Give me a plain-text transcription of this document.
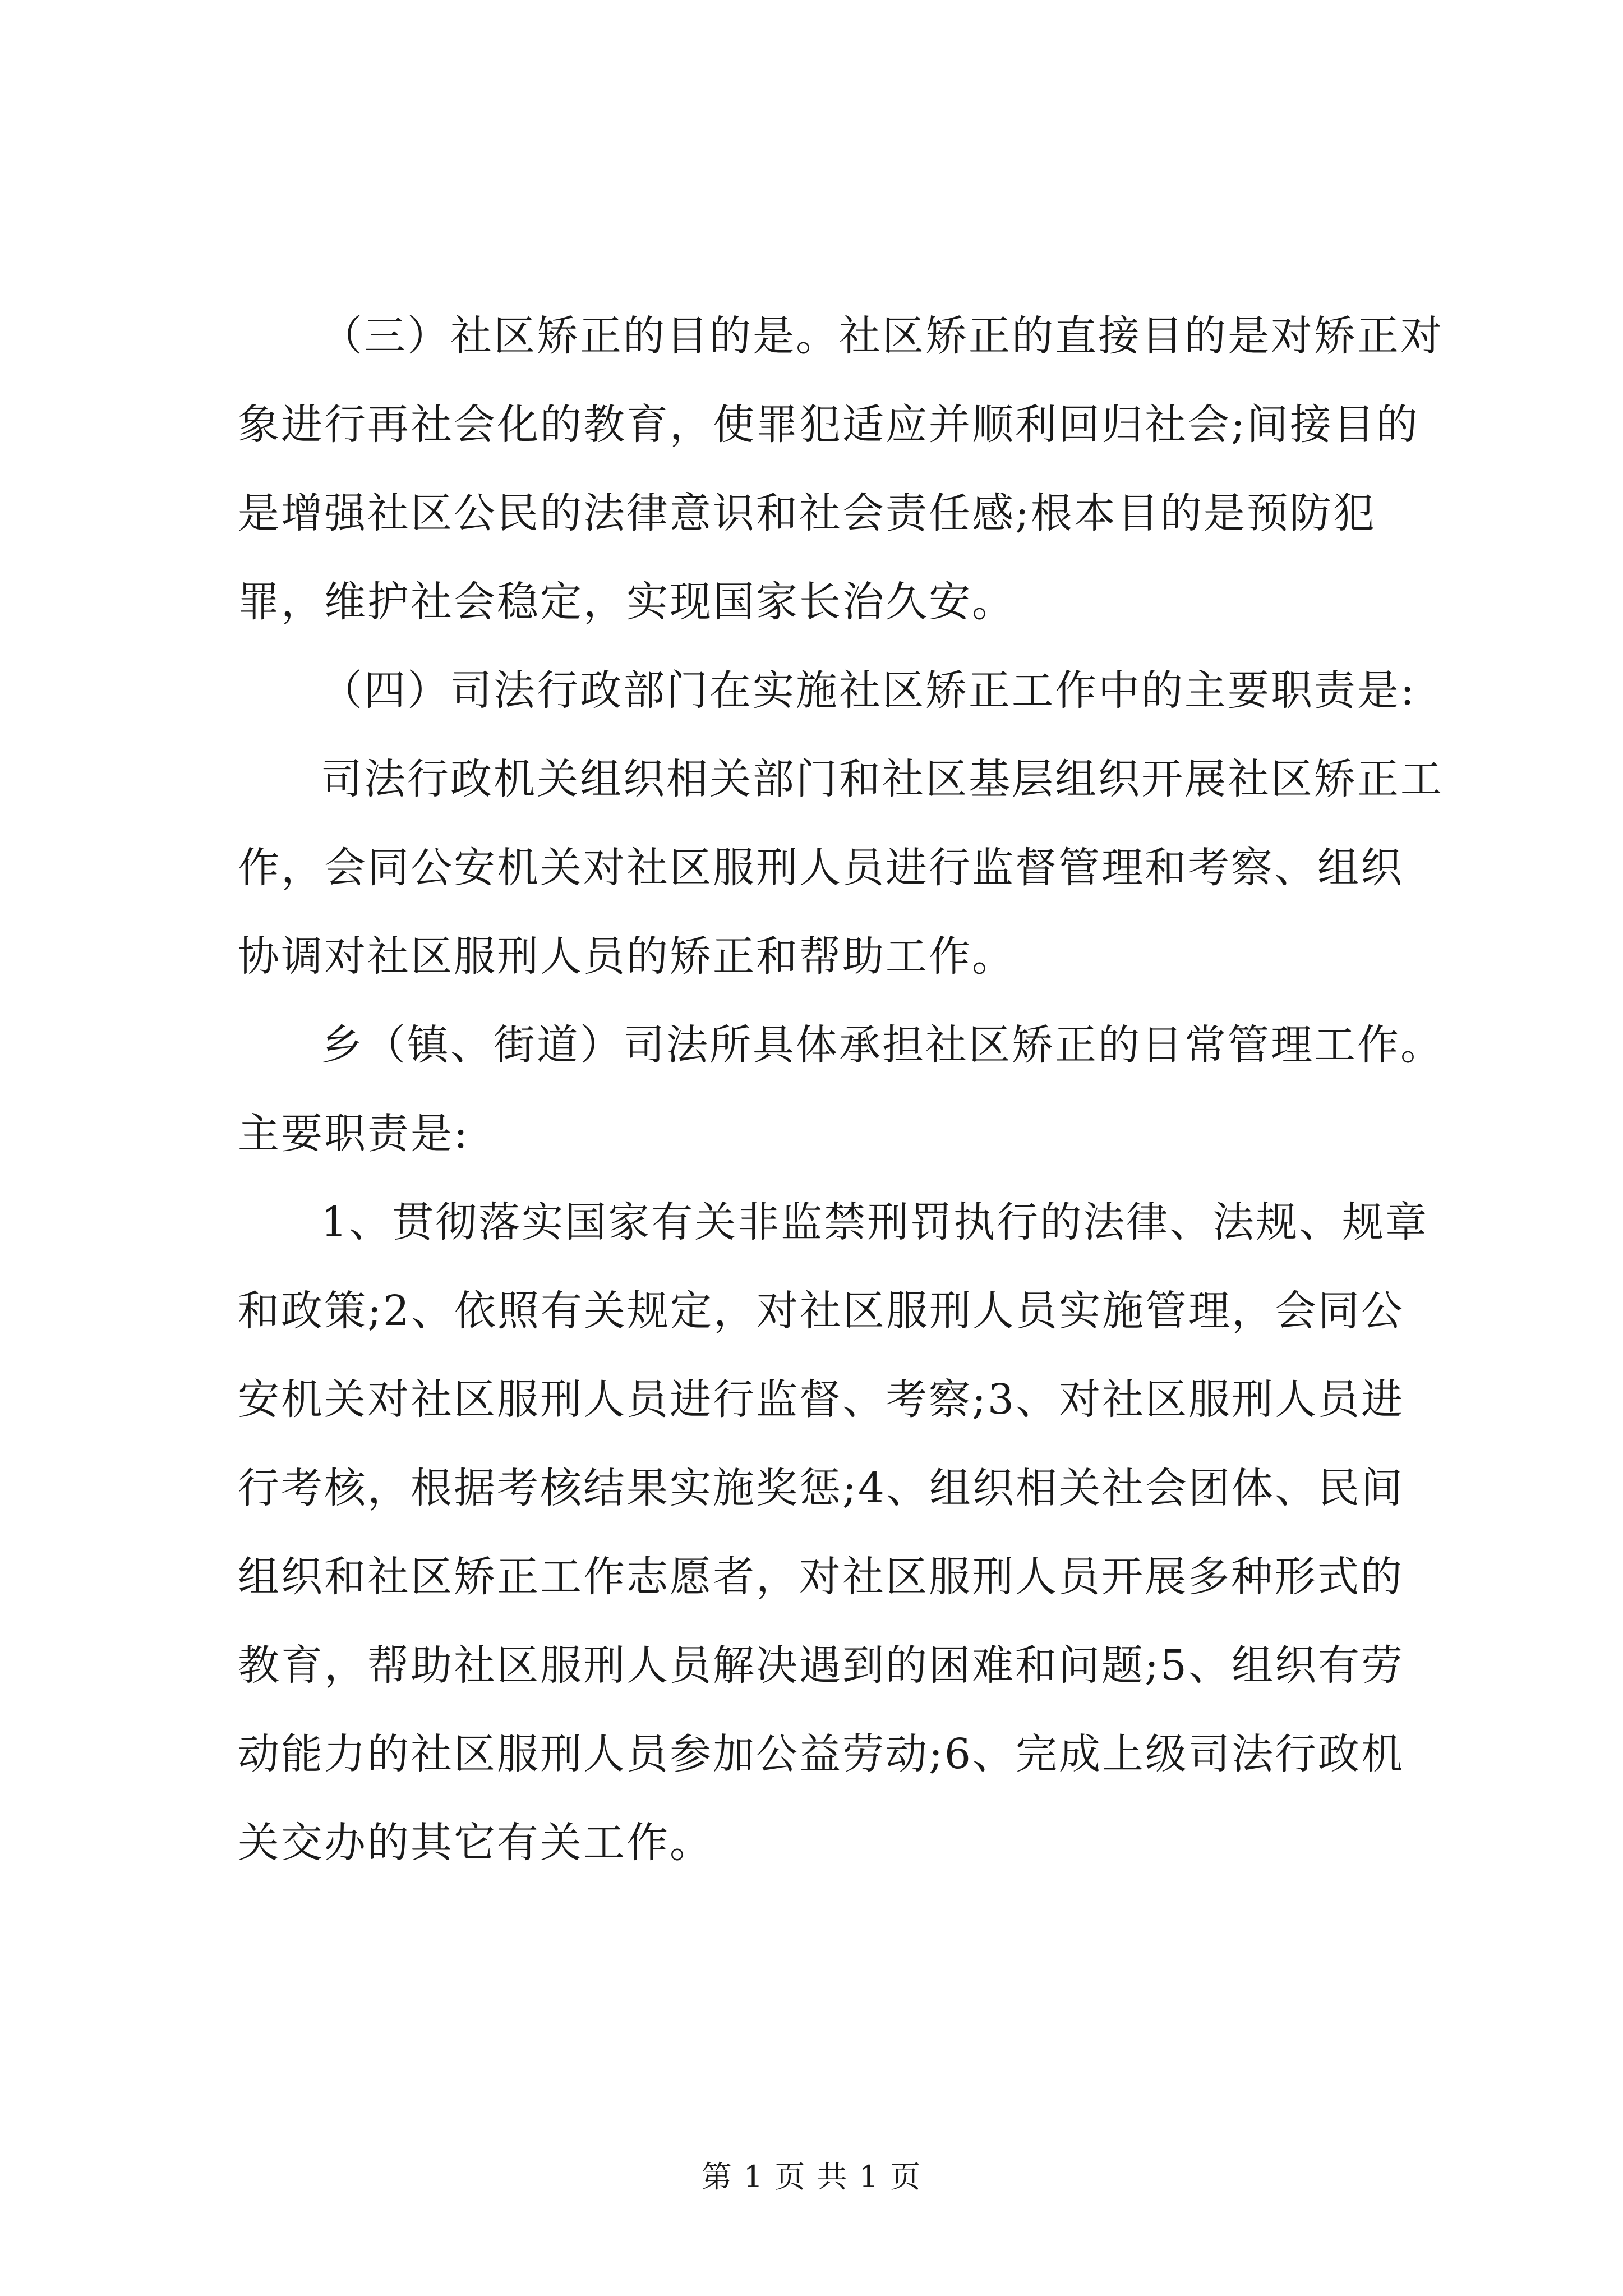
（三）社区矫正的目的是。社区矫正的直接目的是对矫正对象进行再社会化的教育，使罪犯适应并顺利回归社会;间接目的是增强社区公民的法律意识和社会责任感;根本目的是预防犯罪，维护社会稳定，实现国家长治久安。

（四）司法行政部门在实施社区矫正工作中的主要职责是:

司法行政机关组织相关部门和社区基层组织开展社区矫正工作，会同公安机关对社区服刑人员进行监督管理和考察、组织协调对社区服刑人员的矫正和帮助工作。

乡（镇、街道）司法所具体承担社区矫正的日常管理工作。主要职责是:

1、贯彻落实国家有关非监禁刑罚执行的法律、法规、规章和政策;2、依照有关规定，对社区服刑人员实施管理，会同公安机关对社区服刑人员进行监督、考察;3、对社区服刑人员进行考核，根据考核结果实施奖惩;4、组织相关社会团体、民间组织和社区矫正工作志愿者，对社区服刑人员开展多种形式的教育，帮助社区服刑人员解决遇到的困难和问题;5、组织有劳动能力的社区服刑人员参加公益劳动;6、完成上级司法行政机关交办的其它有关工作。

第 1 页 共 1 页
